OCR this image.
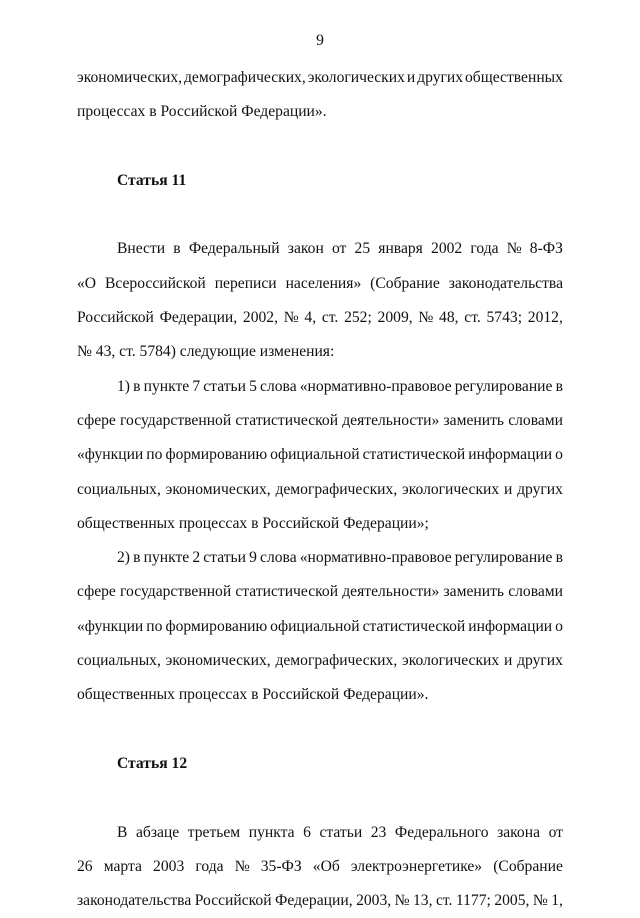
9
экономических, демографических, экологических и других общественных
процессах в Российской Федерации».
Статья 11
Внести в Федеральный закон от 25 января 2002 года № 8-ФЗ
«О Всероссийской переписи населения» (Собрание законодательства
Российской Федерации, 2002, № 4, ст. 252; 2009, № 48, ст. 5743; 2012,
№ 43, ст. 5784) следующие изменения:
1) в пункте 7 статьи 5 слова «нормативно-правовое регулирование в
сфере государственной статистической деятельности» заменить словами
«функции по формированию официальной статистической информации о
социальных, экономических, демографических, экологических и других
общественных процессах в Российской Федерации»;
2) в пункте 2 статьи 9 слова «нормативно-правовое регулирование в
сфере государственной статистической деятельности» заменить словами
«функции по формированию официальной статистической информации о
социальных, экономических, демографических, экологических и других
общественных процессах в Российской Федерации».
Статья 12
В абзаце третьем пункта 6 статьи 23 Федерального закона от
26 марта 2003 года № 35-ФЗ «Об электроэнергетике» (Собрание
законодательства Российской Федерации, 2003, № 13, ст. 1177; 2005, № 1,
